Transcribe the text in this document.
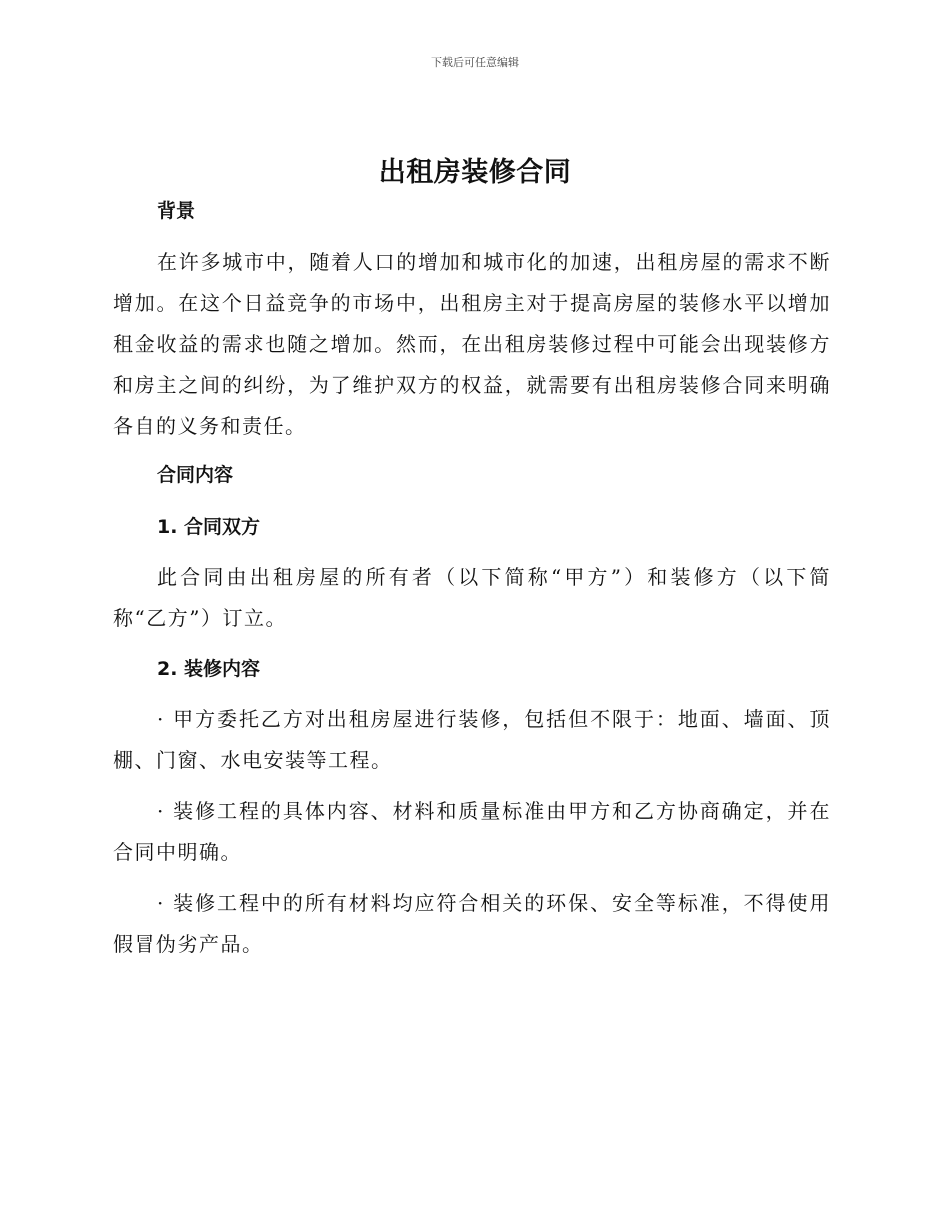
下载后可任意编辑
出租房装修合同

背景

在许多城市中，随着人口的增加和城市化的加速，出租房屋的需求不断增加。在这个日益竞争的市场中，出租房主对于提高房屋的装修水平以增加租金收益的需求也随之增加。然而，在出租房装修过程中可能会出现装修方和房主之间的纠纷，为了维护双方的权益，就需要有出租房装修合同来明确各自的义务和责任。

合同内容

1. 合同双方

此合同由出租房屋的所有者（以下简称“甲方”）和装修方（以下简称“乙方”）订立。

2. 装修内容

· 甲方委托乙方对出租房屋进行装修，包括但不限于：地面、墙面、顶棚、门窗、水电安装等工程。

· 装修工程的具体内容、材料和质量标准由甲方和乙方协商确定，并在合同中明确。

· 装修工程中的所有材料均应符合相关的环保、安全等标准，不得使用假冒伪劣产品。
